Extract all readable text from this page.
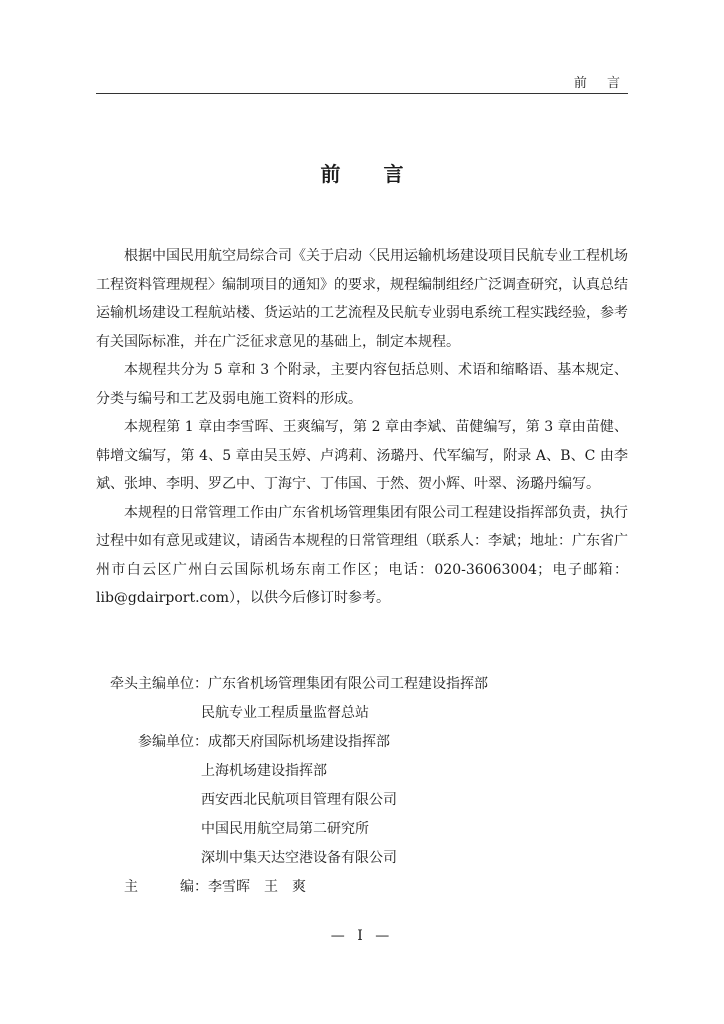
前 言
前 言

根据中国民用航空局综合司《关于启动〈民用运输机场建设项目民航专业工程机场工程资料管理规程〉编制项目的通知》的要求，规程编制组经广泛调查研究，认真总结运输机场建设工程航站楼、货运站的工艺流程及民航专业弱电系统工程实践经验，参考有关国际标准，并在广泛征求意见的基础上，制定本规程。

本规程共分为 5 章和 3 个附录，主要内容包括总则、术语和缩略语、基本规定、分类与编号和工艺及弱电施工资料的形成。

本规程第 1 章由李雪晖、王爽编写，第 2 章由李斌、苗健编写，第 3 章由苗健、韩增文编写，第 4、5 章由吴玉婷、卢鸿莉、汤璐丹、代军编写，附录 A、B、C 由李斌、张坤、李明、罗乙中、丁海宁、丁伟国、于然、贺小辉、叶翠、汤璐丹编写。

本规程的日常管理工作由广东省机场管理集团有限公司工程建设指挥部负责，执行过程中如有意见或建议，请函告本规程的日常管理组（联系人：李斌；地址：广东省广州市白云区广州白云国际机场东南工作区；电话：020-36063004；电子邮箱：lib@gdairport.com），以供今后修订时参考。

牵头主编单位 ： 广东省机场管理集团有限公司工程建设指挥部
民航专业工程质量监督总站
参编单位 ： 成都天府国际机场建设指挥部
上海机场建设指挥部
西安西北民航项目管理有限公司
中国民用航空局第二研究所
深圳中集天达空港设备有限公司
主	编 ： 李雪晖　王　爽
— I —
